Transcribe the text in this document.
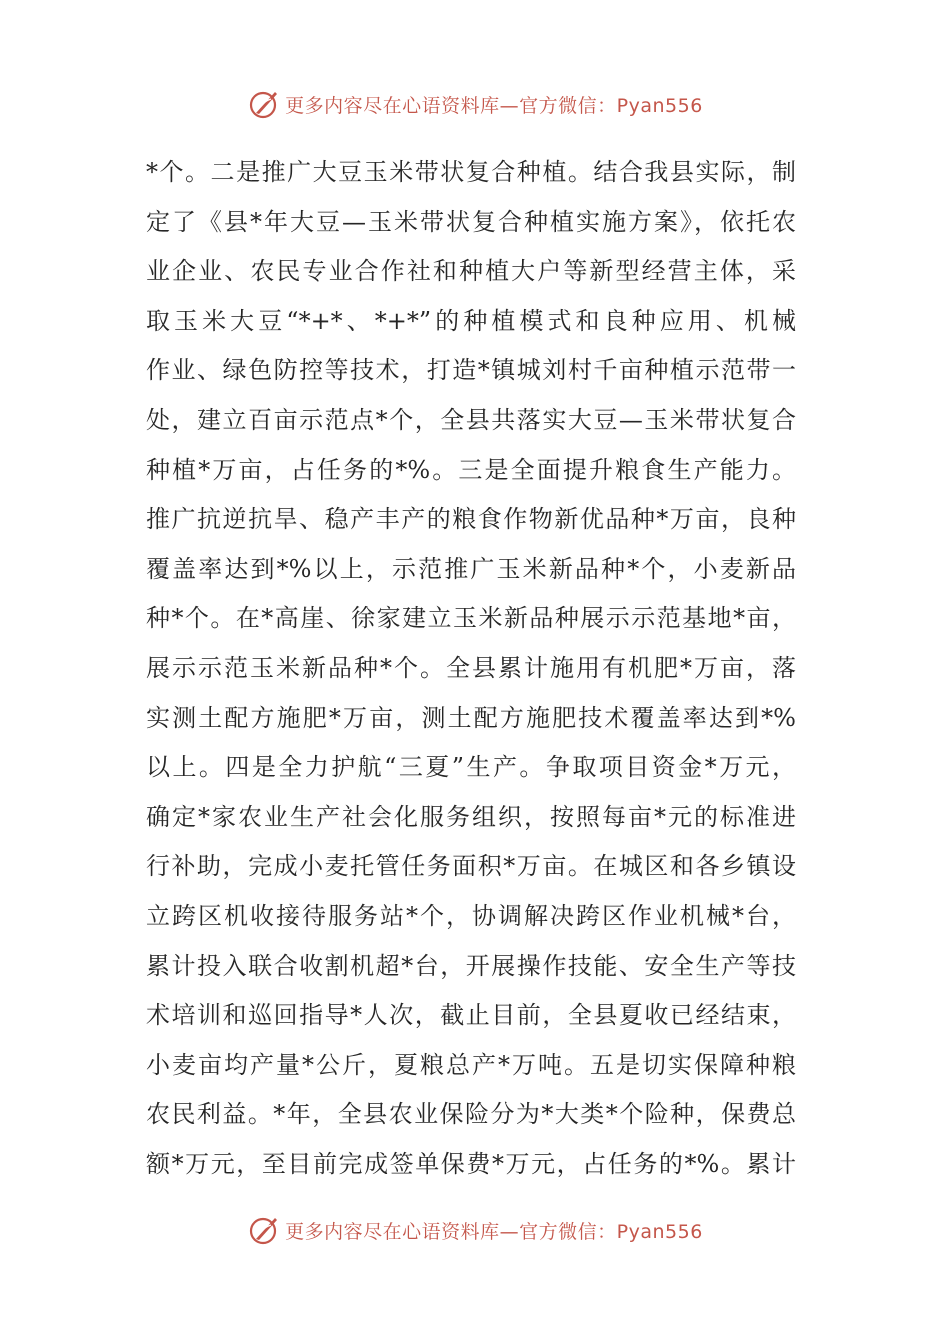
更多内容尽在心语资料库—官方微信：Pyan556
*个。二是推广大豆玉米带状复合种植。结合我县实际，制
定了《县*年大豆—玉米带状复合种植实施方案》，依托农
业企业、农民专业合作社和种植大户等新型经营主体，采
取玉米大豆“*+*、*+*”的种植模式和良种应用、机械
作业、绿色防控等技术，打造*镇城刘村千亩种植示范带一
处，建立百亩示范点*个，全县共落实大豆—玉米带状复合
种植*万亩，占任务的*%。三是全面提升粮食生产能力。
推广抗逆抗旱、稳产丰产的粮食作物新优品种*万亩，良种
覆盖率达到*%以上，示范推广玉米新品种*个，小麦新品
种*个。在*高崖、徐家建立玉米新品种展示示范基地*亩，
展示示范玉米新品种*个。全县累计施用有机肥*万亩，落
实测土配方施肥*万亩，测土配方施肥技术覆盖率达到*%
以上。四是全力护航“三夏”生产。争取项目资金*万元，
确定*家农业生产社会化服务组织，按照每亩*元的标准进
行补助，完成小麦托管任务面积*万亩。在城区和各乡镇设
立跨区机收接待服务站*个，协调解决跨区作业机械*台，
累计投入联合收割机超*台，开展操作技能、安全生产等技
术培训和巡回指导*人次，截止目前，全县夏收已经结束，
小麦亩均产量*公斤，夏粮总产*万吨。五是切实保障种粮
农民利益。*年，全县农业保险分为*大类*个险种，保费总
额*万元，至目前完成签单保费*万元，占任务的*%。累计
更多内容尽在心语资料库—官方微信：Pyan556
